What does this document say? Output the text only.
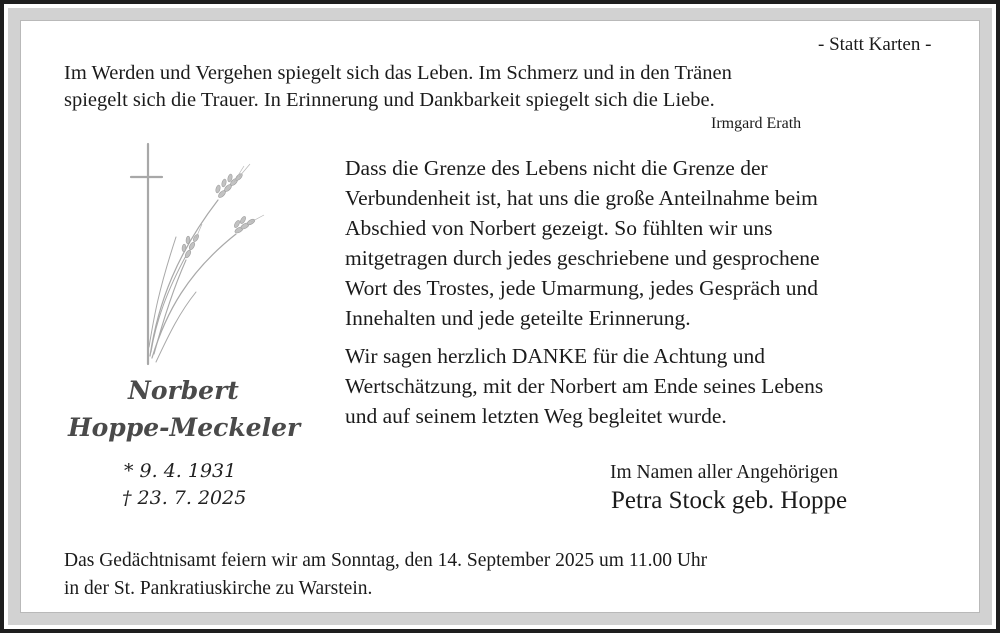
- Statt Karten -
Im Werden und Vergehen spiegelt sich das Leben. Im Schmerz und in den Tränen
spiegelt sich die Trauer. In Erinnerung und Dankbarkeit spiegelt sich die Liebe.
Irmgard Erath
Norbert
Hoppe-Meckeler
* 9. 4. 1931
† 23. 7. 2025
Dass die Grenze des Lebens nicht die Grenze der
Verbundenheit ist, hat uns die große Anteilnahme beim
Abschied von Norbert gezeigt. So fühlten wir uns
mitgetragen durch jedes geschriebene und gesprochene
Wort des Trostes, jede Umarmung, jedes Gespräch und
Innehalten und jede geteilte Erinnerung.
Wir sagen herzlich DANKE für die Achtung und
Wertschätzung, mit der Norbert am Ende seines Lebens
und auf seinem letzten Weg begleitet wurde.
Im Namen aller Angehörigen
Petra Stock geb. Hoppe
Das Gedächtnisamt feiern wir am Sonntag, den 14. September 2025 um 11.00 Uhr
in der St. Pankratiuskirche zu Warstein.
